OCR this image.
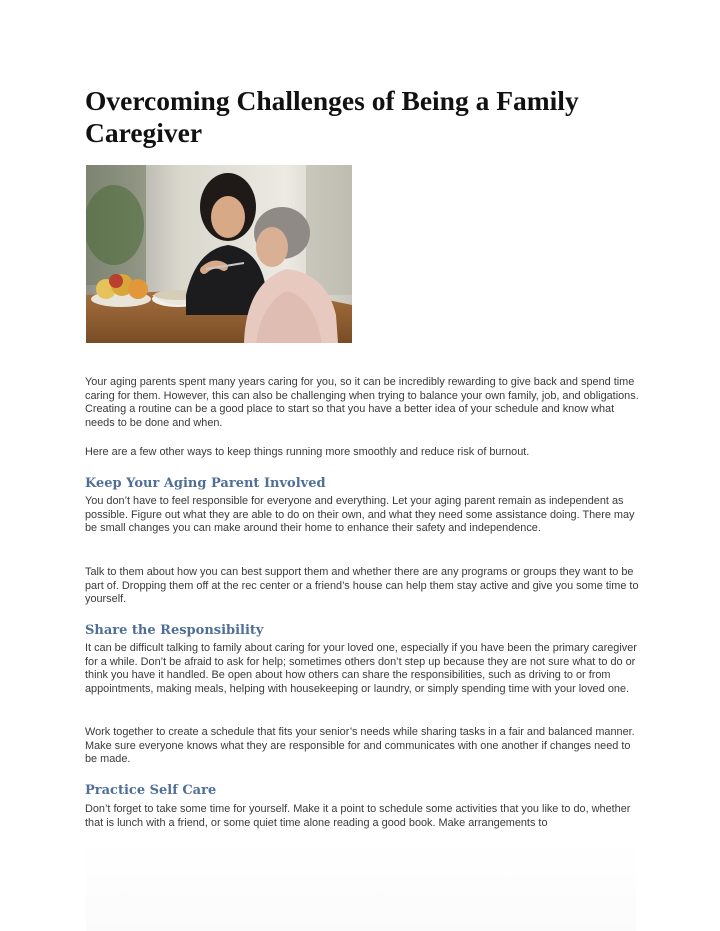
Overcoming Challenges of Being a Family Caregiver

Your aging parents spent many years caring for you, so it can be incredibly rewarding to give back and spend time caring for them. However, this can also be challenging when trying to balance your own family, job, and obligations. Creating a routine can be a good place to start so that you have a better idea of your schedule and know what needs to be done and when.

Here are a few other ways to keep things running more smoothly and reduce risk of burnout.

Keep Your Aging Parent Involved

You don’t have to feel responsible for everyone and everything. Let your aging parent remain as independent as possible. Figure out what they are able to do on their own, and what they need some assistance doing. There may be small changes you can make around their home to enhance their safety and independence.

Talk to them about how you can best support them and whether there are any programs or groups they want to be part of. Dropping them off at the rec center or a friend’s house can help them stay active and give you some time to yourself.

Share the Responsibility

It can be difficult talking to family about caring for your loved one, especially if you have been the primary caregiver for a while. Don’t be afraid to ask for help; sometimes others don’t step up because they are not sure what to do or think you have it handled. Be open about how others can share the responsibilities, such as driving to or from appointments, making meals, helping with housekeeping or laundry, or simply spending time with your loved one.

Work together to create a schedule that fits your senior’s needs while sharing tasks in a fair and balanced manner. Make sure everyone knows what they are responsible for and communicates with one another if changes need to be made.

Practice Self Care

Don’t forget to take some time for yourself. Make it a point to schedule some activities that you like to do, whether that is lunch with a friend, or some quiet time alone reading a good book. Make arrangements to
